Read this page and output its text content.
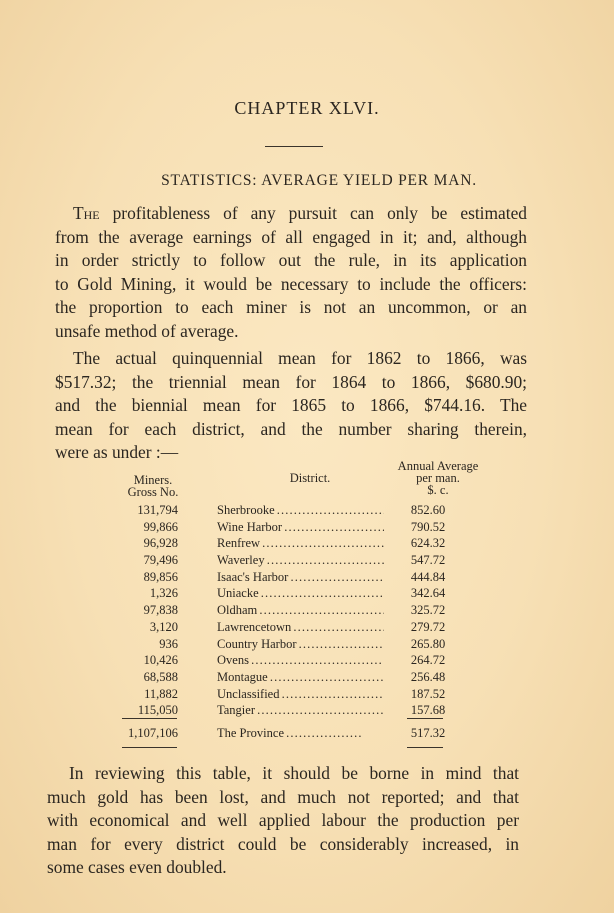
CHAPTER XLVI.
STATISTICS: AVERAGE YIELD PER MAN.
The profitableness of any pursuit can only be estimated
from the average earnings of all engaged in it; and, although
in order strictly to follow out the rule, in its application
to Gold Mining, it would be necessary to include the officers:
the proportion to each miner is not an uncommon, or an
unsafe method of average.
The actual quinquennial mean for 1862 to 1866, was
$517.32; the triennial mean for 1864 to 1866, $680.90;
and the biennial mean for 1865 to 1866, $744.16. The
mean for each district, and the number sharing therein,
were as under :—
Miners.
Gross No.
District.
Annual Average
per man.
$. c.
131,794	Sherbrooke . . .	852.60
99,866	Wine Harbor . . .	790.52
96,928	Renfrew . . .	624.32
79,496	Waverley . . .	547.72
89,856	Isaac's Harbor . . .	444.84
1,326	Uniacke . . .	342.64
97,838	Oldham . . .	325.72
3,120	Lawrencetown . . .	279.72
936	Country Harbor . . .	265.80
10,426	Ovens . . .	264.72
68,588	Montague . . .	256.48
11,882	Unclassified . . .	187.52
115,050	Tangier . . .	157.68
1,107,106	The Province . . .	517.32
In reviewing this table, it should be borne in mind that
much gold has been lost, and much not reported; and that
with economical and well applied labour the production per
man for every district could be considerably increased, in
some cases even doubled.
